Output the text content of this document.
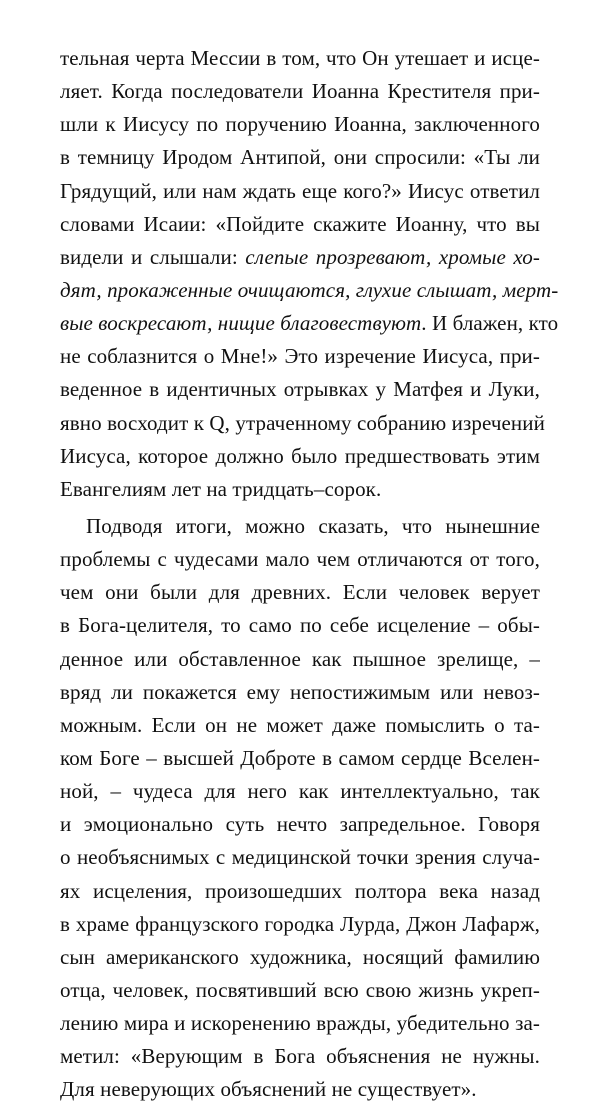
тельная черта Мессии в том, что Он утешает и исце-
ляет. Когда последователи Иоанна Крестителя при-
шли к Иисусу по поручению Иоанна, заключенного
в темницу Иродом Антипой, они спросили: «Ты ли
Грядущий, или нам ждать еще кого?» Иисус ответил
словами Исаии: «Пойдите скажите Иоанну, что вы
видели и слышали: слепые прозревают, хромые хо-
дят, прокаженные очищаются, глухие слышат, мерт-
вые воскресают, нищие благовествуют. И блажен, кто
не соблазнится о Мне!» Это изречение Иисуса, при-
веденное в идентичных отрывках у Матфея и Луки,
явно восходит к Q, утраченному собранию изречений
Иисуса, которое должно было предшествовать этим
Евангелиям лет на тридцать–сорок.
Подводя итоги, можно сказать, что нынешние
проблемы с чудесами мало чем отличаются от того,
чем они были для древних. Если человек верует
в Бога-целителя, то само по себе исцеление – обы-
денное или обставленное как пышное зрелище, –
вряд ли покажется ему непостижимым или невоз-
можным. Если он не может даже помыслить о та-
ком Боге – высшей Доброте в самом сердце Вселен-
ной, – чудеса для него как интеллектуально, так
и эмоционально суть нечто запредельное. Говоря
о необъяснимых с медицинской точки зрения случа-
ях исцеления, произошедших полтора века назад
в храме французского городка Лурда, Джон Лафарж,
сын американского художника, носящий фамилию
отца, человек, посвятивший всю свою жизнь укреп-
лению мира и искоренению вражды, убедительно за-
метил: «Верующим в Бога объяснения не нужны.
Для неверующих объяснений не существует».
